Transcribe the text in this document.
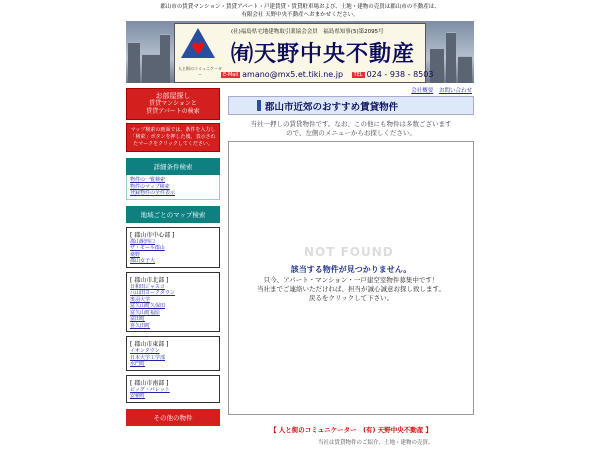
郡山市の賃貸マンション・賃貸アパート・戸建賃貸・賃貸駐車場および、土地・建物の売買は郡山市の不動産は、
有限会社 天野中央不動産へおまかせください。
♥
人と街のコミュニケーター
(社)福島県宅地建物取引業協会会員　福島県知事(5)第2095号
㈲天野中央不動産
E-Mail amano@mx5.et.tiki.ne.jp TEL 024 - 938 - 8503
会社概要 お問い合わせ
お部屋探し
賃貸マンションと
賃貸アパートの検索
マップ検索の画面では、条件を入力し「検索」ボタンを押した後、表示されたマークをクリックしてください。
詳細条件検索
物件の一覧検索
物件のマップ検索
登録物件の全件表示
地域ごとのマップ検索
[ 郡山市中心部 ]
郡山駅西口
ザ・モール郡山
桑野
郡山女子大
[ 郡山市北部 ]
日和田ジャスコ
八山田ヨークタウン
奥羽大学
富久山町久保田
富久山町福原
富田町
喜久田町
[ 郡山市東部 ]
イオンタウン
日本大学工学部
水門町
[ 郡山市南部 ]
ビッグ・パレット
安積町
その他の物件
郡山市近郊のおすすめ賃貸物件
当社一押しの賃貸物件です。なお、この他にも物件は多数ございます
ので、左側のメニューからお探しください。
NOT FOUND
該当する物件が見つかりません。
只今、アパート・マンション・一戸建空室物件募集中です！
当社までご連絡いただければ、担当が誠心誠意お探し致します。
戻るをクリックして下さい。
【 人と街のコミュニケーター　(有) 天野中央不動産 】
当社は賃貸物件のご紹介、土地・建物の売買、
